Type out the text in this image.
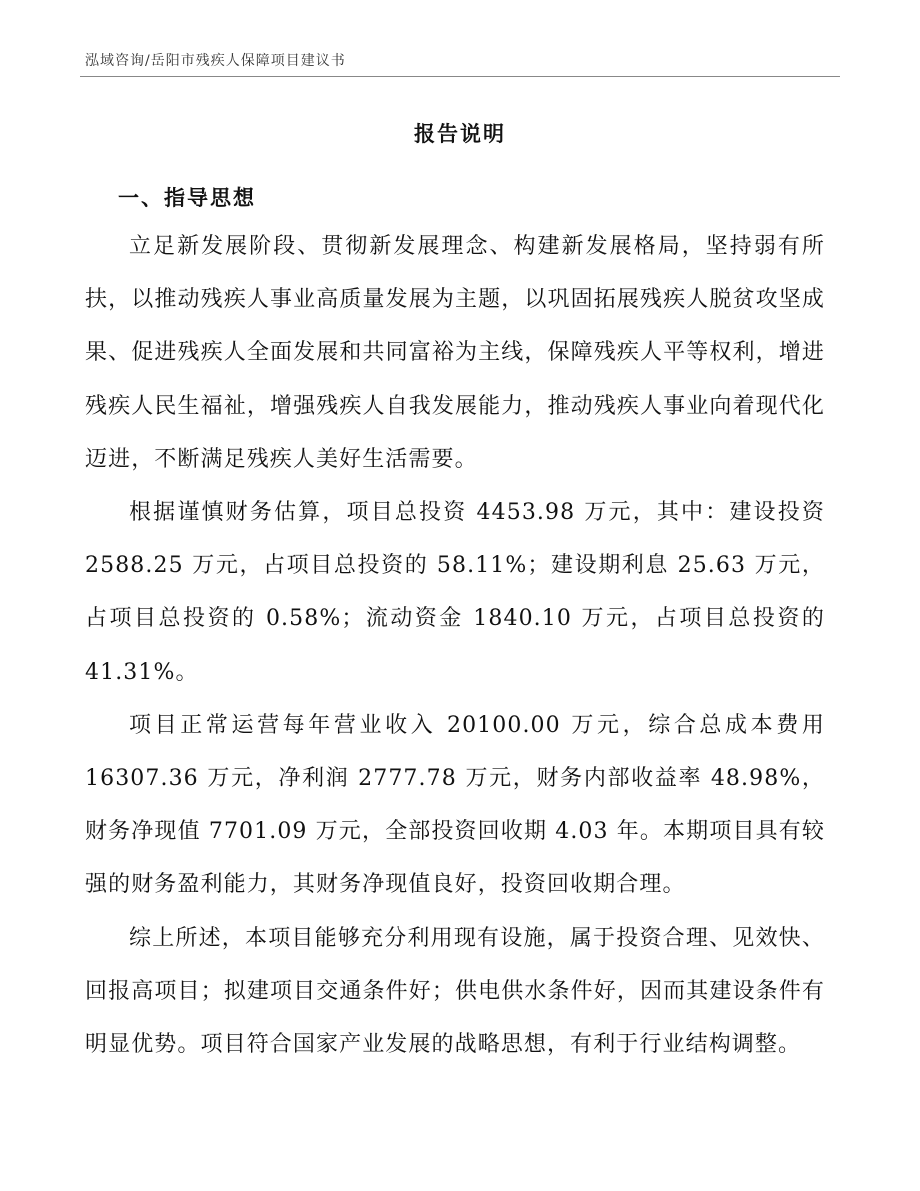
泓域咨询/岳阳市残疾人保障项目建议书
报告说明
一、指导思想

立足新发展阶段、贯彻新发展理念、构建新发展格局，坚持弱有所扶，以推动残疾人事业高质量发展为主题，以巩固拓展残疾人脱贫攻坚成果、促进残疾人全面发展和共同富裕为主线，保障残疾人平等权利，增进残疾人民生福祉，增强残疾人自我发展能力，推动残疾人事业向着现代化迈进，不断满足残疾人美好生活需要。

根据谨慎财务估算，项目总投资 4453.98 万元，其中：建设投资 2588.25 万元，占项目总投资的 58.11%；建设期利息 25.63 万元，占项目总投资的 0.58%；流动资金 1840.10 万元，占项目总投资的 41.31%。

项目正常运营每年营业收入 20100.00 万元，综合总成本费用 16307.36 万元，净利润 2777.78 万元，财务内部收益率 48.98%，财务净现值 7701.09 万元，全部投资回收期 4.03 年。本期项目具有较强的财务盈利能力，其财务净现值良好，投资回收期合理。

综上所述，本项目能够充分利用现有设施，属于投资合理、见效快、回报高项目；拟建项目交通条件好；供电供水条件好，因而其建设条件有明显优势。项目符合国家产业发展的战略思想，有利于行业结构调整。
